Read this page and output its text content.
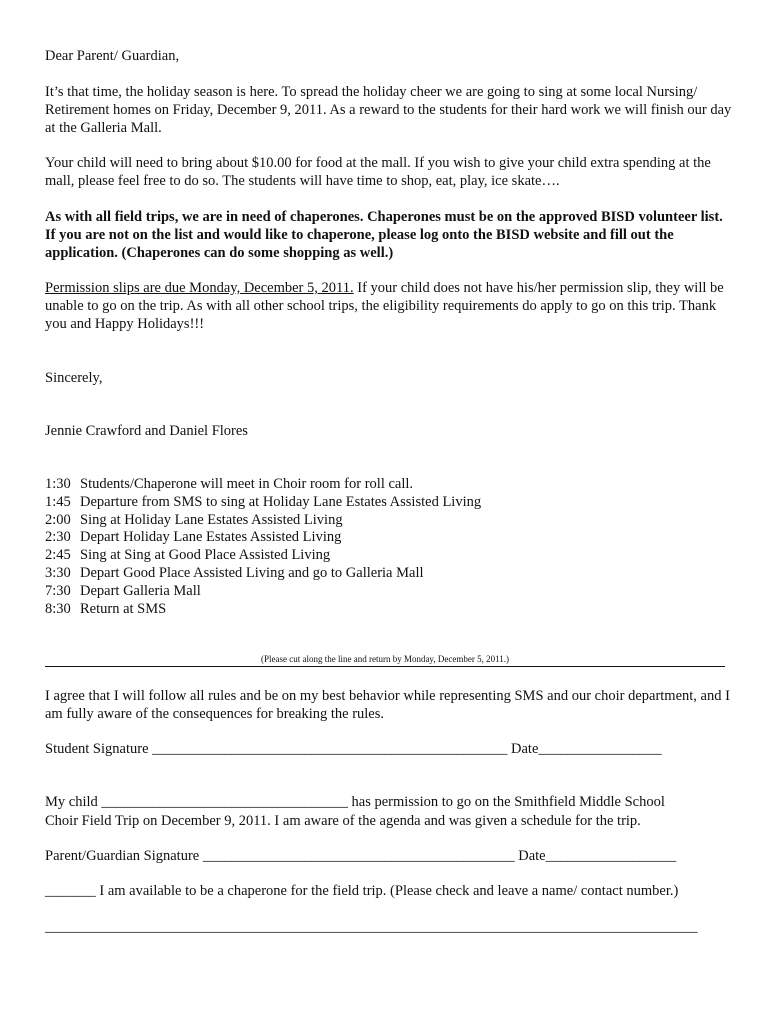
Dear Parent/ Guardian,

It’s that time, the holiday season is here. To spread the holiday cheer we are going to sing at some local Nursing/ Retirement homes on Friday, December 9, 2011. As a reward to the students for their hard work we will finish our day at the Galleria Mall.

Your child will need to bring about $10.00 for food at the mall. If you wish to give your child extra spending at the mall, please feel free to do so. The students will have time to shop, eat, play, ice skate….

As with all field trips, we are in need of chaperones. Chaperones must be on the approved BISD volunteer list. If you are not on the list and would like to chaperone, please log onto the BISD website and fill out the application. (Chaperones can do some shopping as well.)

Permission slips are due Monday, December 5, 2011. If your child does not have his/her permission slip, they will be unable to go on the trip. As with all other school trips, the eligibility requirements do apply to go on this trip. Thank you and Happy Holidays!!!

Sincerely,

Jennie Crawford and Daniel Flores

1:30 Students/Chaperone will meet in Choir room for roll call.
1:45 Departure from SMS to sing at Holiday Lane Estates Assisted Living
2:00 Sing at Holiday Lane Estates Assisted Living
2:30 Depart Holiday Lane Estates Assisted Living
2:45 Sing at Sing at Good Place Assisted Living
3:30 Depart Good Place Assisted Living and go to Galleria Mall
7:30 Depart Galleria Mall
8:30 Return at SMS
(Please cut along the line and return by Monday, December 5, 2011.)

I agree that I will follow all rules and be on my best behavior while representing SMS and our choir department, and I am fully aware of the consequences for breaking the rules.

Student Signature _________________________________________________ Date_________________
My child __________________________________ has permission to go on the Smithfield Middle School
Choir Field Trip on December 9, 2011. I am aware of the agenda and was given a schedule for the trip.
Parent/Guardian Signature ___________________________________________ Date__________________
_______ I am available to be a chaperone for the field trip. (Please check and leave a name/ contact number.)
__________________________________________________________________________________________
